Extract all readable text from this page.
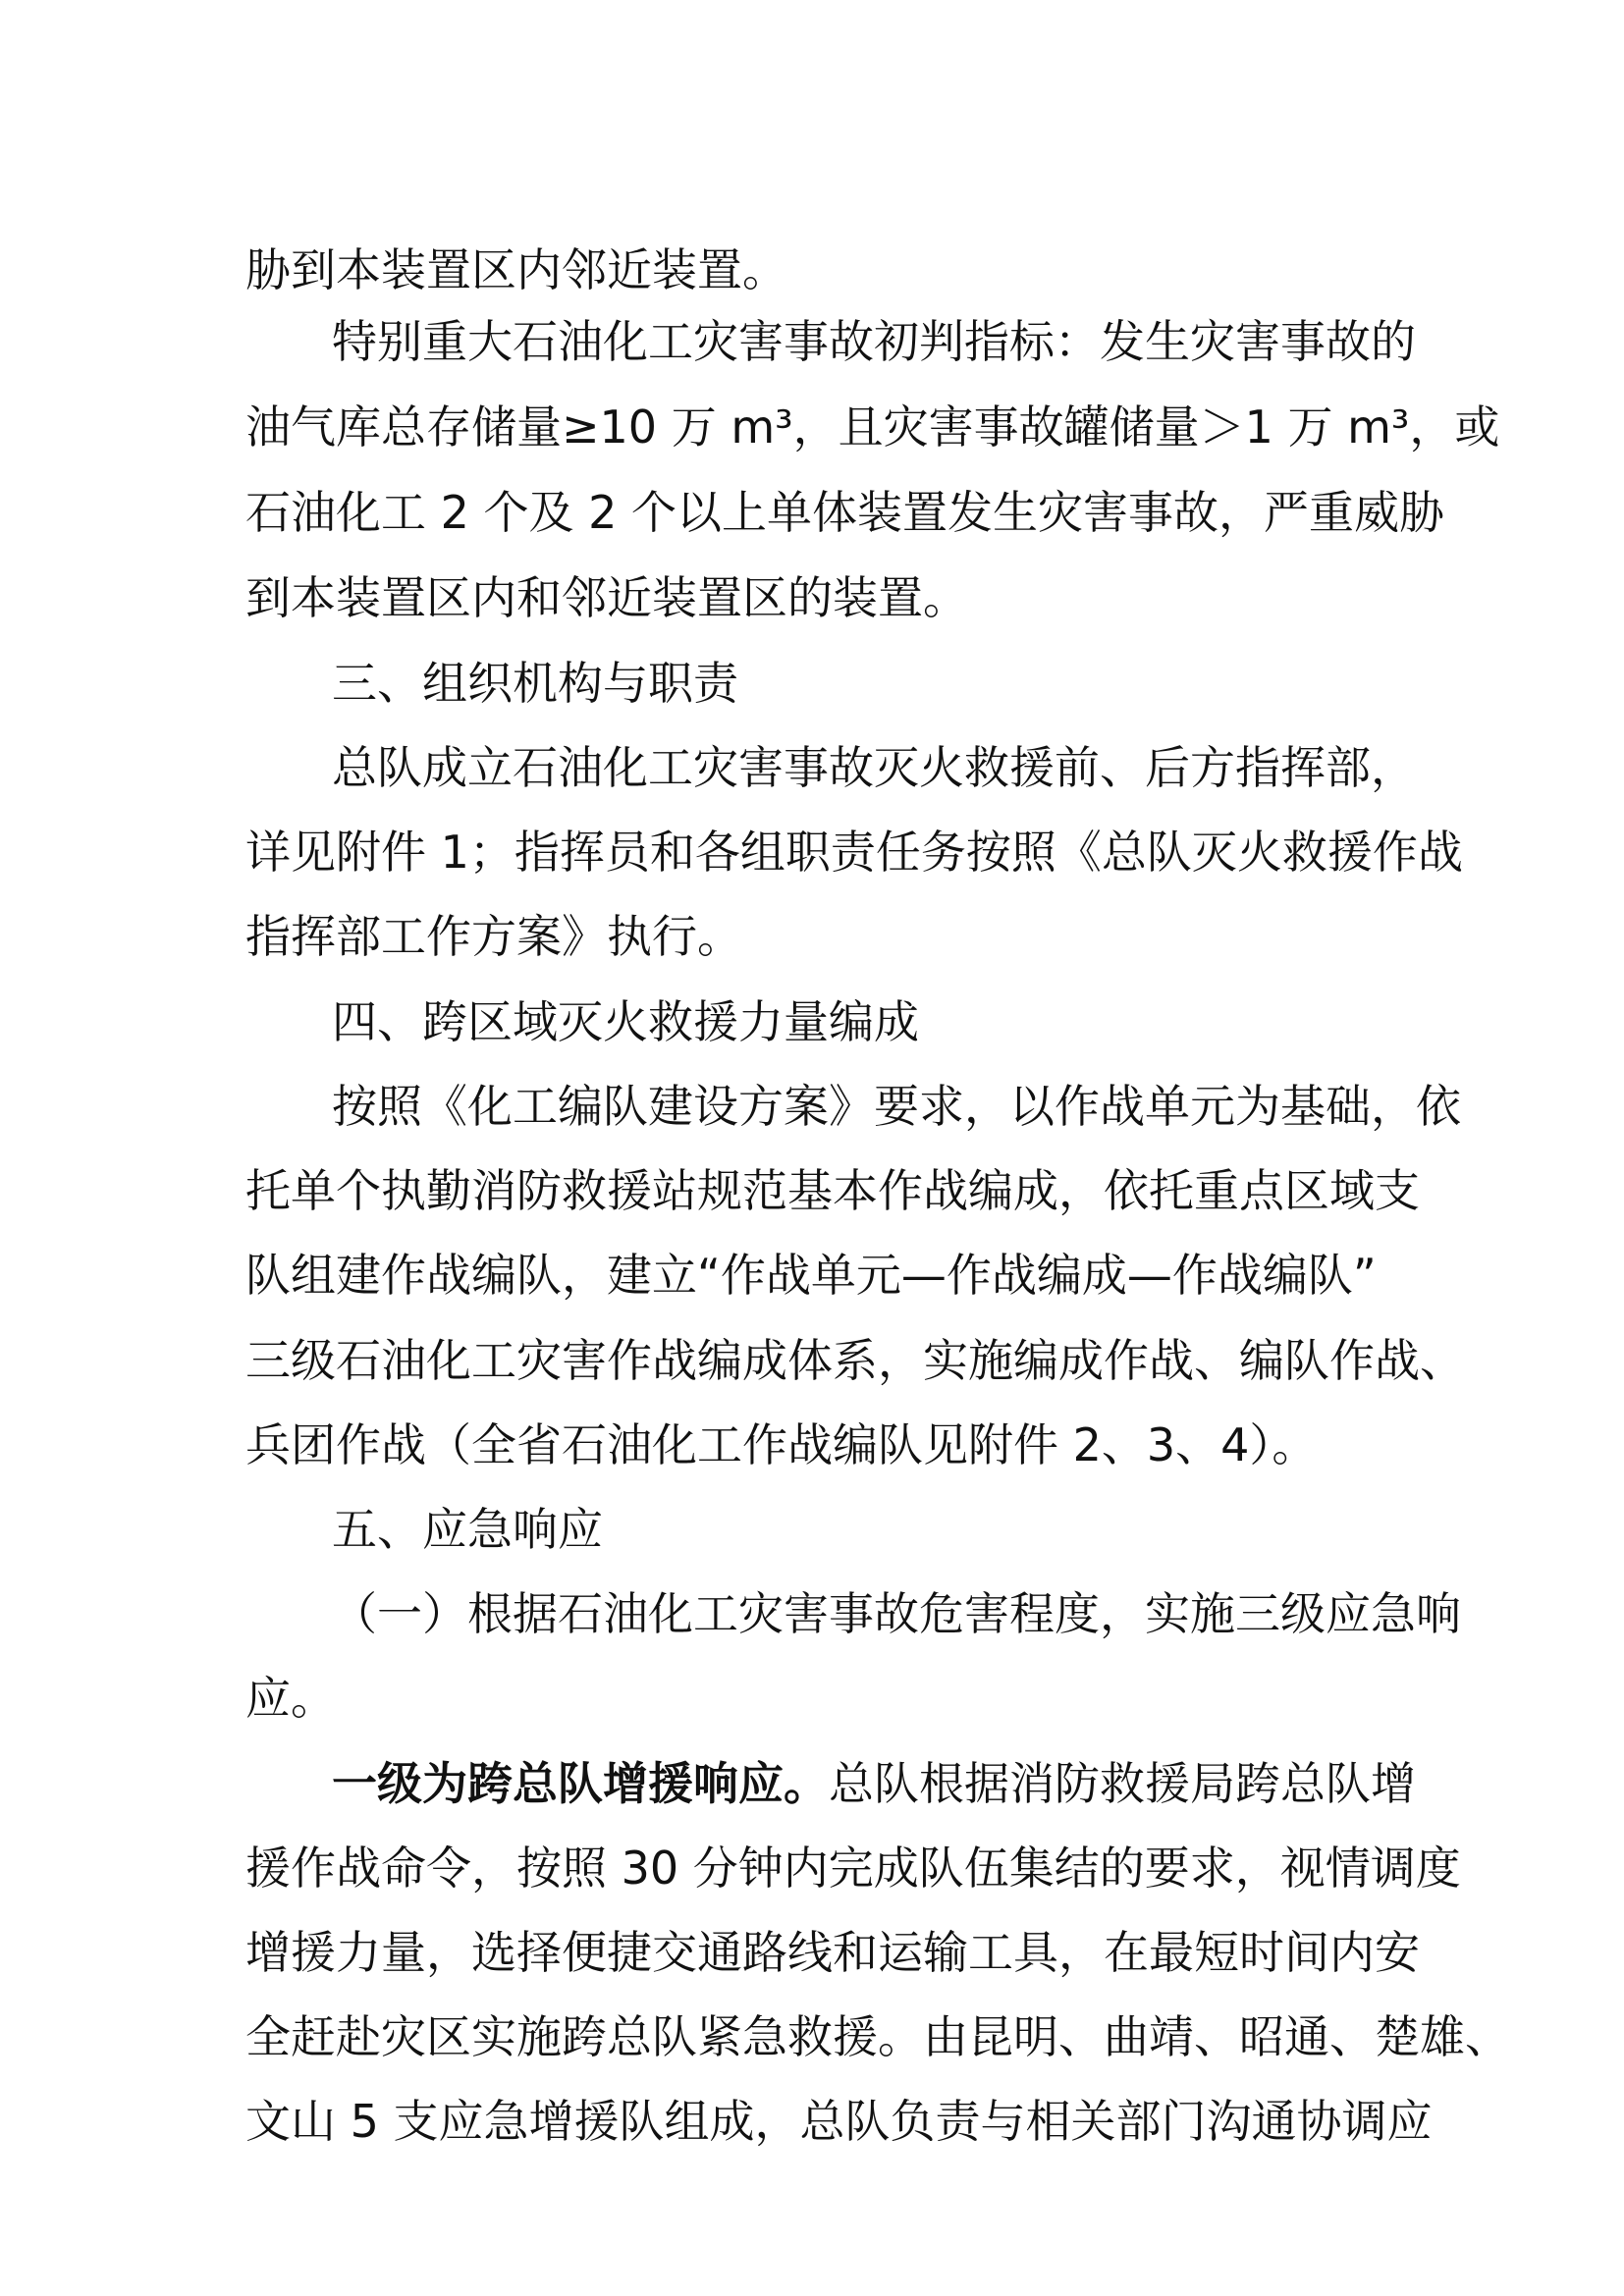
胁到本装置区内邻近装置。
特别重大石油化工灾害事故初判指标：发生灾害事故的
油气库总存储量≥10 万 m³，且灾害事故罐储量＞1 万 m³，或
石油化工 2 个及 2 个以上单体装置发生灾害事故，严重威胁
到本装置区内和邻近装置区的装置。
三、组织机构与职责
总队成立石油化工灾害事故灭火救援前、后方指挥部，
详见附件 1；指挥员和各组职责任务按照《总队灭火救援作战
指挥部工作方案》执行。
四、跨区域灭火救援力量编成
按照《化工编队建设方案》要求，以作战单元为基础，依
托单个执勤消防救援站规范基本作战编成，依托重点区域支
队组建作战编队，建立“作战单元—作战编成—作战编队”
三级石油化工灾害作战编成体系，实施编成作战、编队作战、
兵团作战（全省石油化工作战编队见附件 2、3、4）。
五、应急响应
（一）根据石油化工灾害事故危害程度，实施三级应急响
应。
一级为跨总队增援响应。总队根据消防救援局跨总队增
援作战命令，按照 30 分钟内完成队伍集结的要求，视情调度
增援力量，选择便捷交通路线和运输工具，在最短时间内安
全赶赴灾区实施跨总队紧急救援。由昆明、曲靖、昭通、楚雄、
文山 5 支应急增援队组成，总队负责与相关部门沟通协调应
